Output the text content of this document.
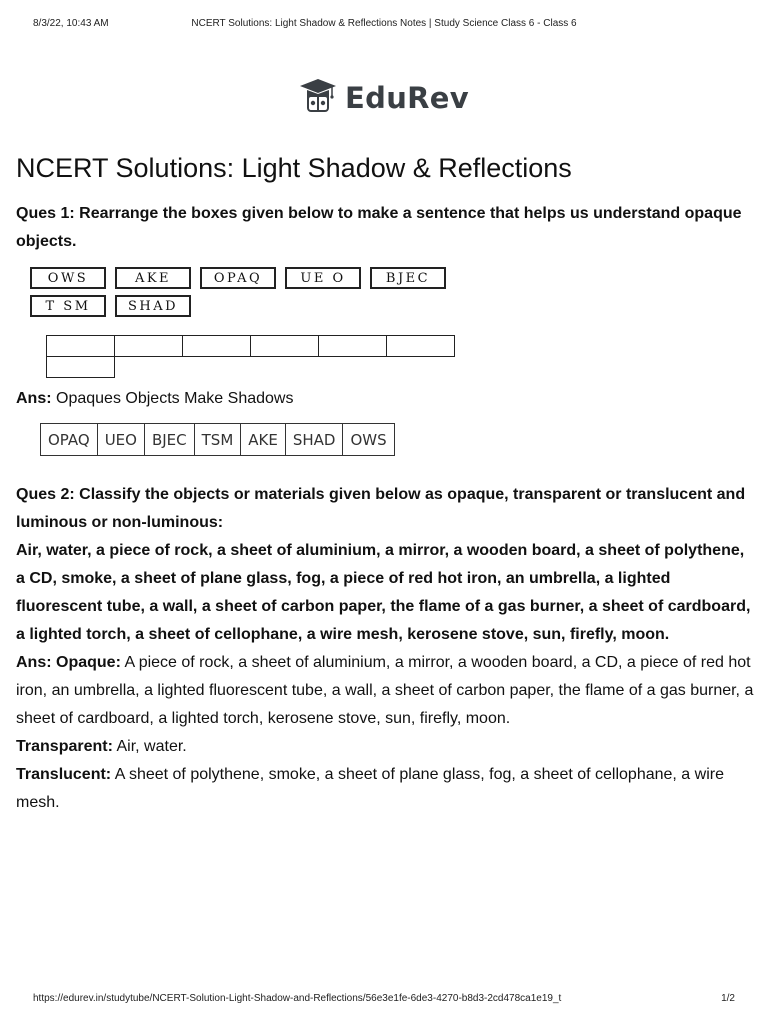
8/3/22, 10:43 AM	NCERT Solutions: Light Shadow & Reflections Notes | Study Science Class 6 - Class 6
EduRev
NCERT Solutions: Light Shadow & Reflections

Ques 1: Rearrange the boxes given below to make a sentence that helps us understand opaque objects.

OWS	AKE	OPAQ	UE O	BJEC
T SM	SHAD

Ans: Opaques Objects Make Shadows

OPAQ	UEO	BJEC	TSM	AKE	SHAD	OWS

Ques 2: Classify the objects or materials given below as opaque, transparent or translucent and luminous or non-luminous:

Air, water, a piece of rock, a sheet of aluminium, a mirror, a wooden board, a sheet of polythene, a CD, smoke, a sheet of plane glass, fog, a piece of red hot iron, an umbrella, a lighted fluorescent tube, a wall, a sheet of carbon paper, the flame of a gas burner, a sheet of cardboard, a lighted torch, a sheet of cellophane, a wire mesh, kerosene stove, sun, firefly, moon.

Ans: Opaque: A piece of rock, a sheet of aluminium, a mirror, a wooden board, a CD, a piece of red hot iron, an umbrella, a lighted fluorescent tube, a wall, a sheet of carbon paper, the flame of a gas burner, a sheet of cardboard, a lighted torch, kerosene stove, sun, firefly, moon.

Transparent: Air, water.

Translucent: A sheet of polythene, smoke, a sheet of plane glass, fog, a sheet of cellophane, a wire mesh.

https://edurev.in/studytube/NCERT-Solution-Light-Shadow-and-Reflections/56e3e1fe-6de3-4270-b8d3-2cd478ca1e19_t	1/2
